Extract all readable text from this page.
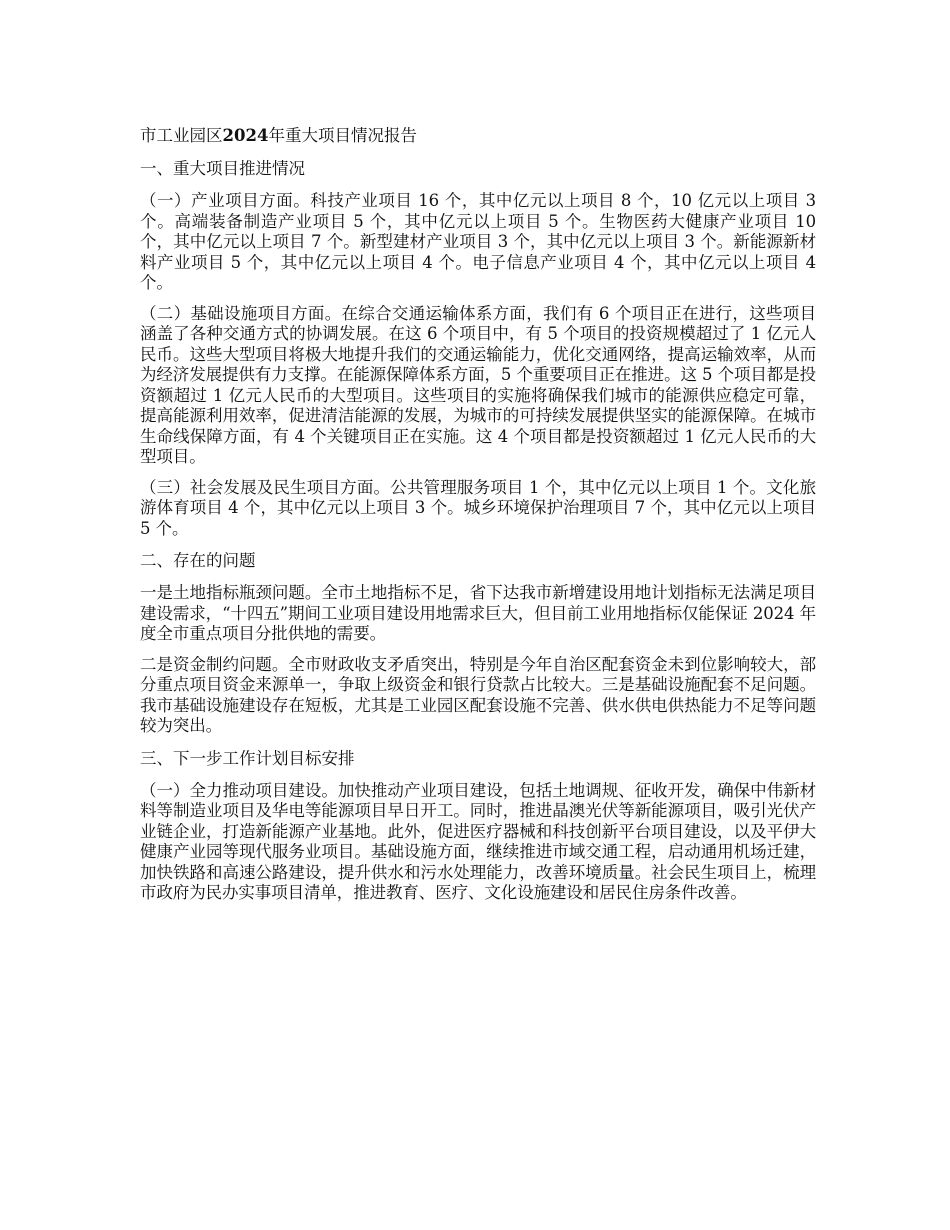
市工业园区2024年重大项目情况报告
一、重大项目推进情况

（一）产业项目方面。科技产业项目 16 个，其中亿元以上项目 8 个，10 亿元以上项目 3 个。高端装备制造产业项目 5 个，其中亿元以上项目 5 个。生物医药大健康产业项目 10 个，其中亿元以上项目 7 个。新型建材产业项目 3 个，其中亿元以上项目 3 个。新能源新材料产业项目 5 个，其中亿元以上项目 4 个。电子信息产业项目 4 个，其中亿元以上项目 4 个。

（二）基础设施项目方面。在综合交通运输体系方面，我们有 6 个项目正在进行，这些项目涵盖了各种交通方式的协调发展。在这 6 个项目中，有 5 个项目的投资规模超过了 1 亿元人民币。这些大型项目将极大地提升我们的交通运输能力，优化交通网络，提高运输效率，从而为经济发展提供有力支撑。在能源保障体系方面，5 个重要项目正在推进。这 5 个项目都是投资额超过 1 亿元人民币的大型项目。这些项目的实施将确保我们城市的能源供应稳定可靠，提高能源利用效率，促进清洁能源的发展，为城市的可持续发展提供坚实的能源保障。在城市生命线保障方面，有 4 个关键项目正在实施。这 4 个项目都是投资额超过 1 亿元人民币的大型项目。

（三）社会发展及民生项目方面。公共管理服务项目 1 个，其中亿元以上项目 1 个。文化旅游体育项目 4 个，其中亿元以上项目 3 个。城乡环境保护治理项目 7 个，其中亿元以上项目 5 个。

二、存在的问题

一是土地指标瓶颈问题。全市土地指标不足，省下达我市新增建设用地计划指标无法满足项目建设需求，“十四五”期间工业项目建设用地需求巨大，但目前工业用地指标仅能保证 2024 年度全市重点项目分批供地的需要。

二是资金制约问题。全市财政收支矛盾突出，特别是今年自治区配套资金未到位影响较大，部分重点项目资金来源单一，争取上级资金和银行贷款占比较大。三是基础设施配套不足问题。我市基础设施建设存在短板，尤其是工业园区配套设施不完善、供水供电供热能力不足等问题较为突出。

三、下一步工作计划目标安排

（一）全力推动项目建设。加快推动产业项目建设，包括土地调规、征收开发，确保中伟新材料等制造业项目及华电等能源项目早日开工。同时，推进晶澳光伏等新能源项目，吸引光伏产业链企业，打造新能源产业基地。此外，促进医疗器械和科技创新平台项目建设，以及平伊大健康产业园等现代服务业项目。基础设施方面，继续推进市域交通工程，启动通用机场迁建，加快铁路和高速公路建设，提升供水和污水处理能力，改善环境质量。社会民生项目上，梳理市政府为民办实事项目清单，推进教育、医疗、文化设施建设和居民住房条件改善。
